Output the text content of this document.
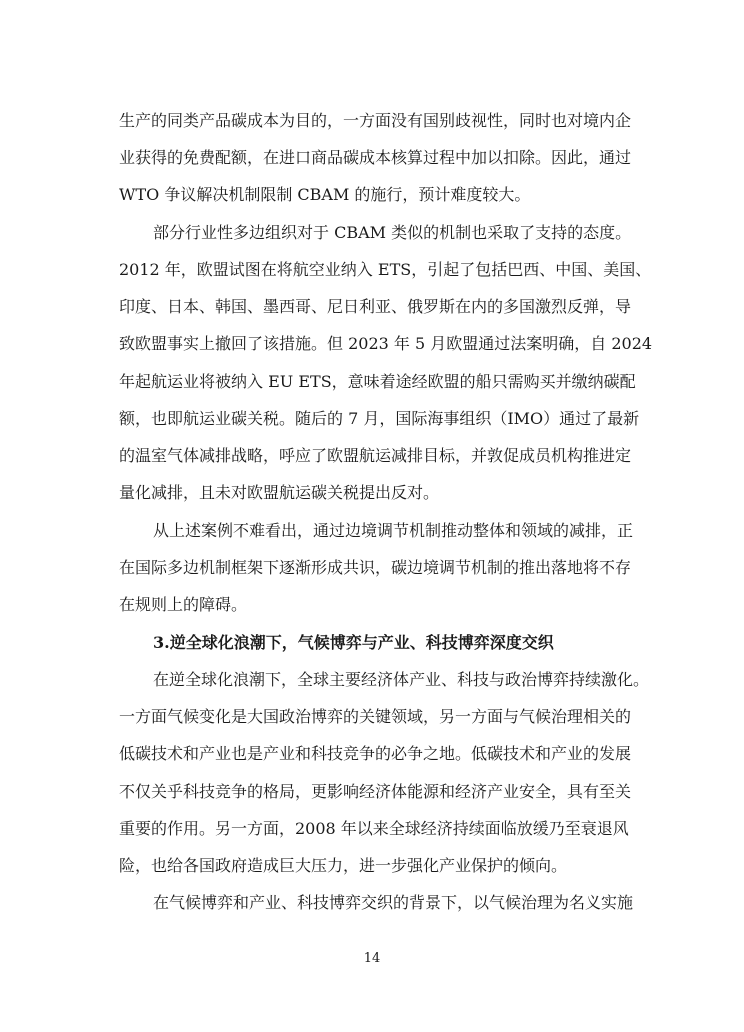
生产的同类产品碳成本为目的，一方面没有国别歧视性，同时也对境内企
业获得的免费配额，在进口商品碳成本核算过程中加以扣除。因此，通过
WTO 争议解决机制限制 CBAM 的施行，预计难度较大。
部分行业性多边组织对于 CBAM 类似的机制也采取了支持的态度。
2012 年，欧盟试图在将航空业纳入 ETS，引起了包括巴西、中国、美国、
印度、日本、韩国、墨西哥、尼日利亚、俄罗斯在内的多国激烈反弹，导
致欧盟事实上撤回了该措施。但 2023 年 5 月欧盟通过法案明确，自 2024
年起航运业将被纳入 EU ETS，意味着途经欧盟的船只需购买并缴纳碳配
额，也即航运业碳关税。随后的 7 月，国际海事组织（IMO）通过了最新
的温室气体减排战略，呼应了欧盟航运减排目标，并敦促成员机构推进定
量化减排，且未对欧盟航运碳关税提出反对。
从上述案例不难看出，通过边境调节机制推动整体和领域的减排，正
在国际多边机制框架下逐渐形成共识，碳边境调节机制的推出落地将不存
在规则上的障碍。
3.逆全球化浪潮下，气候博弈与产业、科技博弈深度交织
在逆全球化浪潮下，全球主要经济体产业、科技与政治博弈持续激化。
一方面气候变化是大国政治博弈的关键领域，另一方面与气候治理相关的
低碳技术和产业也是产业和科技竞争的必争之地。低碳技术和产业的发展
不仅关乎科技竞争的格局，更影响经济体能源和经济产业安全，具有至关
重要的作用。另一方面，2008 年以来全球经济持续面临放缓乃至衰退风
险，也给各国政府造成巨大压力，进一步强化产业保护的倾向。
在气候博弈和产业、科技博弈交织的背景下，以气候治理为名义实施
14
